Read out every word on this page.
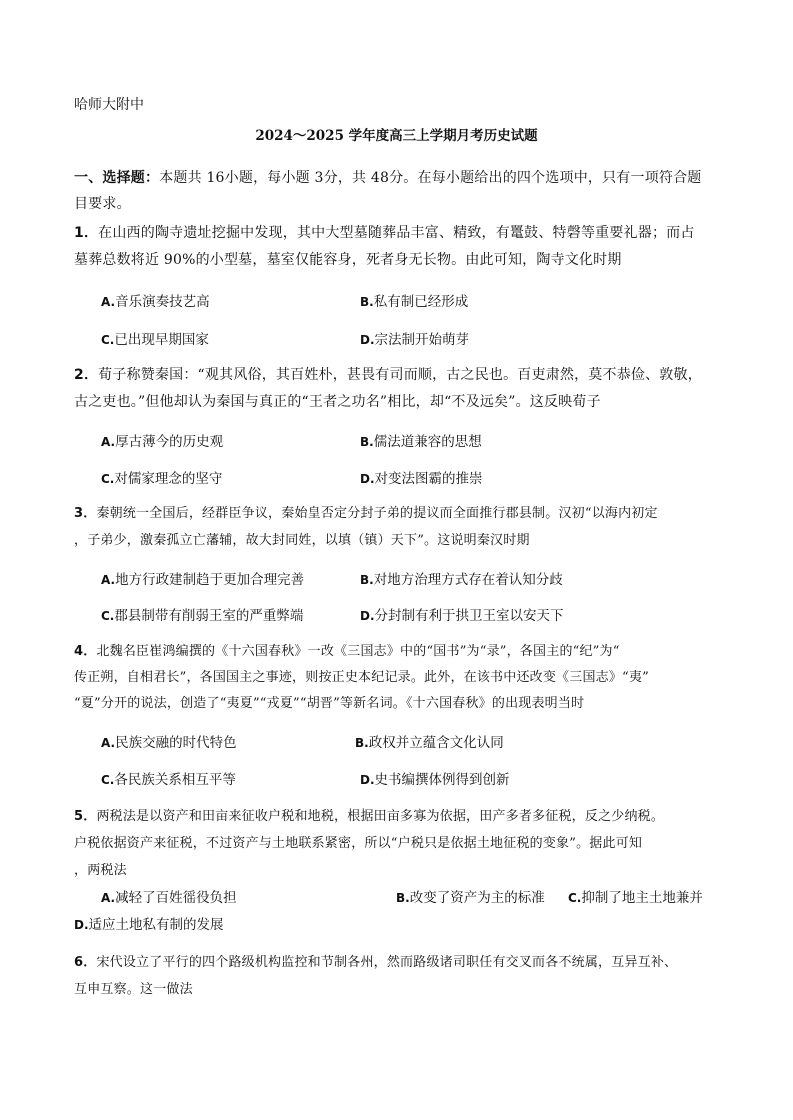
哈师大附中
2024～2025 学年度高三上学期月考历史试题
一、选择题：本题共 16小题，每小题 3分，共 48分。在每小题给出的四个选项中，只有一项符合题
目要求。
1．在山西的陶寺遗址挖掘中发现，其中大型墓随葬品丰富、精致，有鼍鼓、特磬等重要礼器；而占
墓葬总数将近 90%的小型墓，墓室仅能容身，死者身无长物。由此可知，陶寺文化时期
A.音乐演奏技艺高	B.私有制已经形成
C.已出现早期国家	D.宗法制开始萌芽
2．荀子称赞秦国：“观其风俗，其百姓朴，甚畏有司而顺，古之民也。百吏肃然，莫不恭俭、敦敬，
古之吏也。”但他却认为秦国与真正的“王者之功名”相比，却“不及远矣”。这反映荀子
A.厚古薄今的历史观	B.儒法道兼容的思想
C.对儒家理念的坚守	D.对变法图霸的推崇
3．秦朝统一全国后，经群臣争议，秦始皇否定分封子弟的提议而全面推行郡县制。汉初“以海内初定
，子弟少，激秦孤立亡藩辅，故大封同姓，以填（镇）天下”。这说明秦汉时期
A.地方行政建制趋于更加合理完善	B.对地方治理方式存在着认知分歧
C.郡县制带有削弱王室的严重弊端	D.分封制有利于拱卫王室以安天下
4．北魏名臣崔鸿编撰的《十六国春秋》一改《三国志》中的“国书”为“录”，各国主的“纪”为“
传正朔，自相君长”，各国国主之事迹，则按正史本纪记录。此外，在该书中还改变《三国志》“夷”
“夏”分开的说法，创造了“夷夏”“戎夏”“胡晋”等新名词。《十六国春秋》的出现表明当时
A.民族交融的时代特色	B.政权并立蕴含文化认同
C.各民族关系相互平等	D.史书编撰体例得到创新
5．两税法是以资产和田亩来征收户税和地税，根据田亩多寡为依据，田产多者多征税，反之少纳税。
户税依据资产来征税，不过资产与土地联系紧密，所以“户税只是依据土地征税的变象”。据此可知
，两税法
A.减轻了百姓徭役负担	B.改变了资产为主的标准 C.抑制了地主土地兼并
D.适应土地私有制的发展
6．宋代设立了平行的四个路级机构监控和节制各州，然而路级诸司职任有交叉而各不统属，互异互补、
互申互察。这一做法
